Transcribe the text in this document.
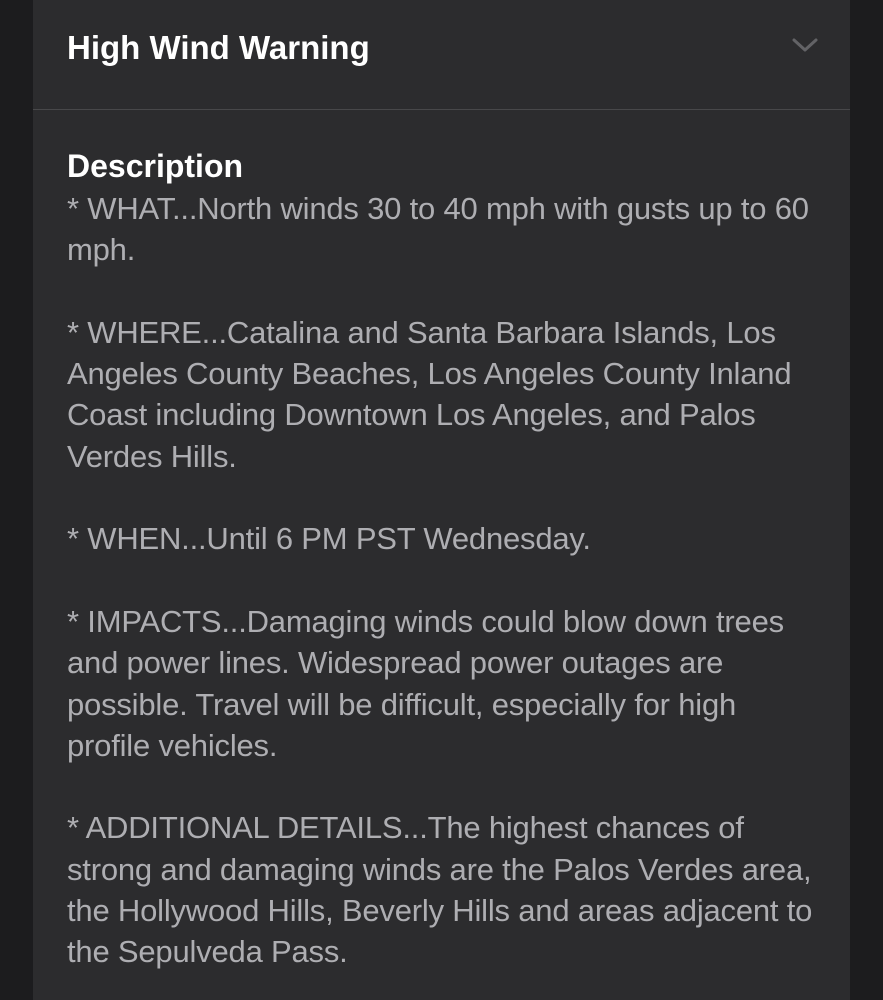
High Wind Warning
Description

* WHAT...North winds 30 to 40 mph with gusts up to 60 mph.

* WHERE...Catalina and Santa Barbara Islands, Los Angeles County Beaches, Los Angeles County Inland Coast including Downtown Los Angeles, and Palos Verdes Hills.

* WHEN...Until 6 PM PST Wednesday.

* IMPACTS...Damaging winds could blow down trees and power lines. Widespread power outages are possible. Travel will be difficult, especially for high profile vehicles.

* ADDITIONAL DETAILS...The highest chances of strong and damaging winds are the Palos Verdes area, the Hollywood Hills, Beverly Hills and areas adjacent to the Sepulveda Pass.
